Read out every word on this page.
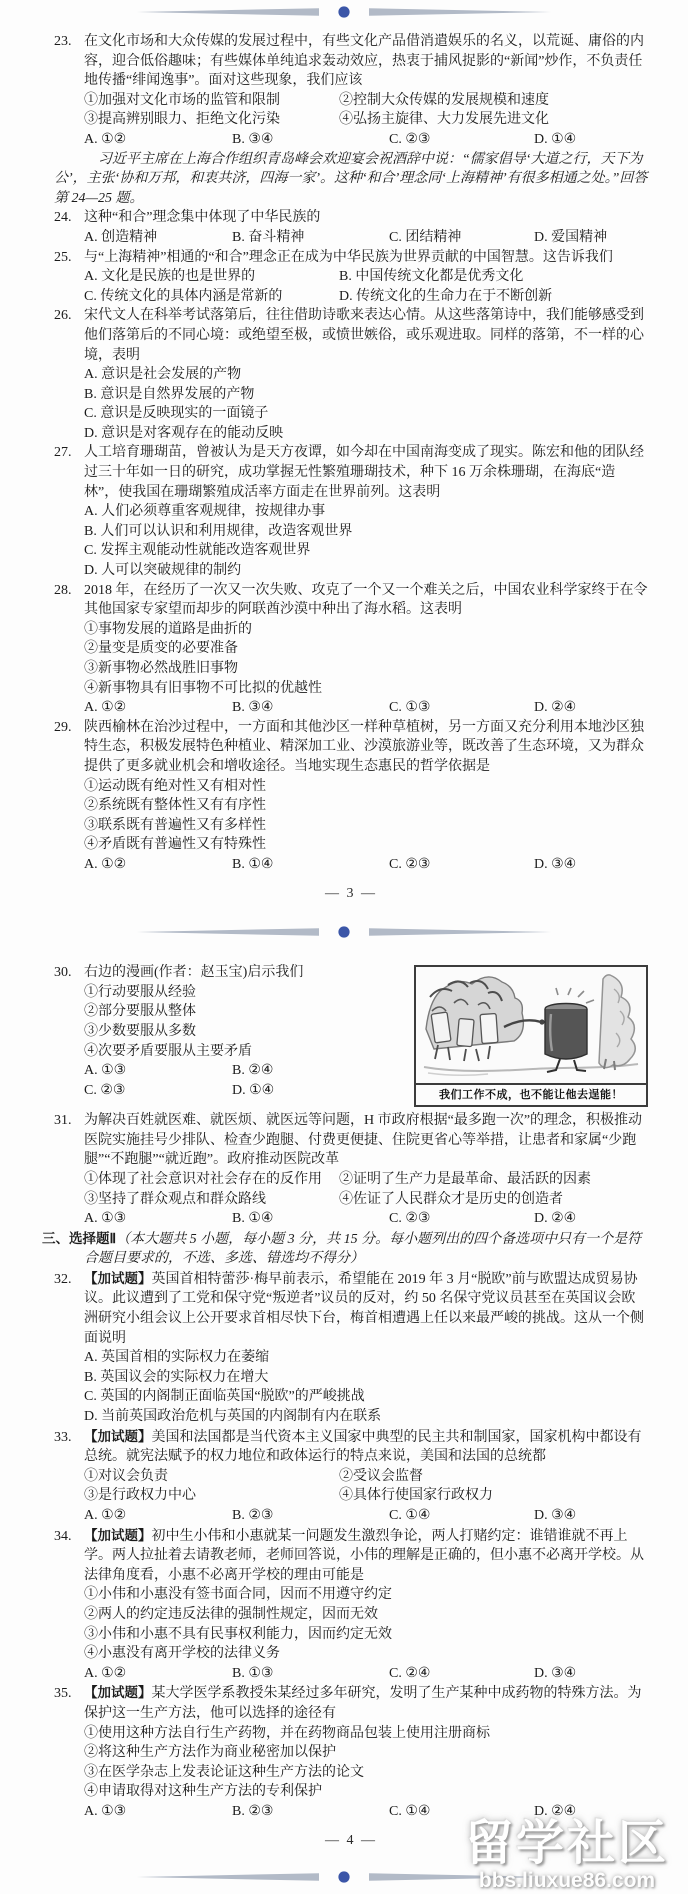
23. 在文化市场和大众传媒的发展过程中，有些文化产品借消遣娱乐的名义，以荒诞、庸俗的内容，迎合低俗趣味；有些媒体单纯追求轰动效应，热衷于捕风捉影的“新闻”炒作，不负责任地传播“绯闻逸事”。面对这些现象，我们应该

①加强对文化市场的监管和限制	②控制大众传媒的发展规模和速度
③提高辨别眼力、拒绝文化污染	④弘扬主旋律、大力发展先进文化
A. ①②	B. ③④	C. ②③	D. ①④

习近平主席在上海合作组织青岛峰会欢迎宴会祝酒辞中说：“儒家倡导‘大道之行，天下为公’，主张‘协和万邦，和衷共济，四海一家’。这种‘和合’理念同‘上海精神’有很多相通之处。”回答第 24—25 题。

24. 这种“和合”理念集中体现了中华民族的

A. 创造精神	B. 奋斗精神	C. 团结精神	D. 爱国精神

25. 与“上海精神”相通的“和合”理念正在成为中华民族为世界贡献的中国智慧。这告诉我们

A. 文化是民族的也是世界的	B. 中国传统文化都是优秀文化
C. 传统文化的具体内涵是常新的	D. 传统文化的生命力在于不断创新

26. 宋代文人在科举考试落第后，往往借助诗歌来表达心情。从这些落第诗中，我们能够感受到他们落第后的不同心境：或绝望至极，或愤世嫉俗，或乐观进取。同样的落第，不一样的心境，表明

A. 意识是社会发展的产物
B. 意识是自然界发展的产物
C. 意识是反映现实的一面镜子
D. 意识是对客观存在的能动反映

27. 人工培育珊瑚苗，曾被认为是天方夜谭，如今却在中国南海变成了现实。陈宏和他的团队经过三十年如一日的研究，成功掌握无性繁殖珊瑚技术，种下 16 万余株珊瑚，在海底“造林”，使我国在珊瑚繁殖成活率方面走在世界前列。这表明

A. 人们必须尊重客观规律，按规律办事
B. 人们可以认识和利用规律，改造客观世界
C. 发挥主观能动性就能改造客观世界
D. 人可以突破规律的制约

28. 2018 年，在经历了一次又一次失败、攻克了一个又一个难关之后，中国农业科学家终于在令其他国家专家望而却步的阿联酋沙漠中种出了海水稻。这表明

①事物发展的道路是曲折的
②量变是质变的必要准备
③新事物必然战胜旧事物
④新事物具有旧事物不可比拟的优越性
A. ①②	B. ③④	C. ①③	D. ②④

29. 陕西榆林在治沙过程中，一方面和其他沙区一样种草植树，另一方面又充分利用本地沙区独特生态，积极发展特色种植业、精深加工业、沙漠旅游业等，既改善了生态环境，又为群众提供了更多就业机会和增收途径。当地实现生态惠民的哲学依据是

①运动既有绝对性又有相对性
②系统既有整体性又有有序性
③联系既有普遍性又有多样性
④矛盾既有普遍性又有特殊性
A. ①②	B. ①④	C. ②③	D. ③④
— 3 —
我们工作不成，也不能让他去逞能！

30. 右边的漫画(作者：赵玉宝)启示我们

①行动要服从经验
②部分要服从整体
③少数要服从多数
④次要矛盾要服从主要矛盾
A. ①③	B. ②④
C. ②③	D. ①④

31. 为解决百姓就医难、就医烦、就医远等问题，H 市政府根据“最多跑一次”的理念，积极推动医院实施挂号少排队、检查少跑腿、付费更便捷、住院更省心等举措，让患者和家属“少跑腿”“不跑腿”“就近跑”。政府推动医院改革

①体现了社会意识对社会存在的反作用	②证明了生产力是最革命、最活跃的因素
③坚持了群众观点和群众路线	④佐证了人民群众才是历史的创造者
A. ①③	B. ①④	C. ②③	D. ②④

三、选择题Ⅱ（本大题共 5 小题，每小题 3 分，共 15 分。每小题列出的四个备选项中只有一个是符合题目要求的，不选、多选、错选均不得分）

32. 【加试题】英国首相特蕾莎·梅早前表示，希望能在 2019 年 3 月“脱欧”前与欧盟达成贸易协议。此议遭到了工党和保守党“叛逆者”议员的反对，约 50 名保守党议员甚至在英国议会欧洲研究小组会议上公开要求首相尽快下台，梅首相遭遇上任以来最严峻的挑战。这从一个侧面说明

A. 英国首相的实际权力在萎缩
B. 英国议会的实际权力在增大
C. 英国的内阁制正面临英国“脱欧”的严峻挑战
D. 当前英国政治危机与英国的内阁制有内在联系

33. 【加试题】美国和法国都是当代资本主义国家中典型的民主共和制国家，国家机构中都设有总统。就宪法赋予的权力地位和政体运行的特点来说，美国和法国的总统都

①对议会负责	②受议会监督
③是行政权力中心	④具体行使国家行政权力
A. ①②	B. ②③	C. ①④	D. ③④

34. 【加试题】初中生小伟和小惠就某一问题发生激烈争论，两人打赌约定：谁错谁就不再上学。两人拉扯着去请教老师，老师回答说，小伟的理解是正确的，但小惠不必离开学校。从法律角度看，小惠不必离开学校的理由可能是

①小伟和小惠没有签书面合同，因而不用遵守约定
②两人的约定违反法律的强制性规定，因而无效
③小伟和小惠不具有民事权利能力，因而约定无效
④小惠没有离开学校的法律义务
A. ①②	B. ①③	C. ②④	D. ③④

35. 【加试题】某大学医学系教授朱某经过多年研究，发明了生产某种中成药物的特殊方法。为保护这一生产方法，他可以选择的途径有

①使用这种方法自行生产药物，并在药物商品包装上使用注册商标
②将这种生产方法作为商业秘密加以保护
③在医学杂志上发表论证这种生产方法的论文
④申请取得对这种生产方法的专利保护
A. ①③	B. ②③	C. ①④	D. ②④
— 4 —	留学社区
bbs.liuxue86.com
